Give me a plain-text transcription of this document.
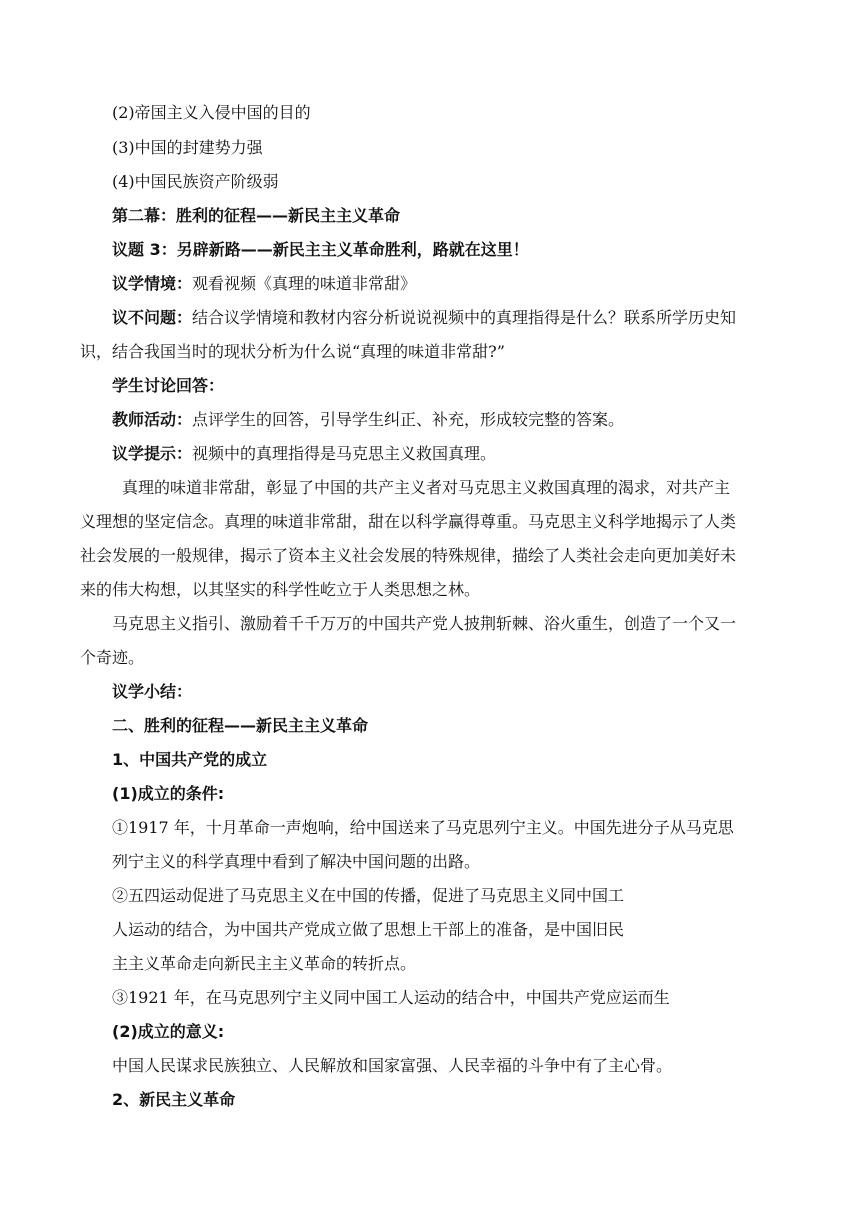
(2)帝国主义入侵中国的目的

(3)中国的封建势力强

(4)中国民族资产阶级弱

第二幕：胜利的征程——新民主主义革命

议题 3：另辟新路——新民主主义革命胜利，路就在这里！

议学情境：观看视频《真理的味道非常甜》

议不问题：结合议学情境和教材内容分析说说视频中的真理指得是什么？联系所学历史知

识，结合我国当时的现状分析为什么说“真理的味道非常甜?”

学生讨论回答：

教师活动：点评学生的回答，引导学生纠正、补充，形成较完整的答案。

议学提示：视频中的真理指得是马克思主义救国真理。

真理的味道非常甜，彰显了中国的共产主义者对马克思主义救国真理的渴求，对共产主

义理想的坚定信念。真理的味道非常甜，甜在以科学赢得尊重。马克思主义科学地揭示了人类

社会发展的一般规律，揭示了资本主义社会发展的特殊规律，描绘了人类社会走向更加美好未

来的伟大构想，以其坚实的科学性屹立于人类思想之林。

马克思主义指引、激励着千千万万的中国共产党人披荆斩棘、浴火重生，创造了一个又一

个奇迹。

议学小结：

二、胜利的征程——新民主主义革命

1、中国共产党的成立

(1)成立的条件:

①1917 年，十月革命一声炮响，给中国送来了马克思列宁主义。中国先进分子从马克思

列宁主义的科学真理中看到了解决中国问题的出路。

②五四运动促进了马克思主义在中国的传播，促进了马克思主义同中国工

人运动的结合，为中国共产党成立做了思想上干部上的准备，是中国旧民

主主义革命走向新民主主义革命的转折点。

③1921 年，在马克思列宁主义同中国工人运动的结合中，中国共产党应运而生

(2)成立的意义:

中国人民谋求民族独立、人民解放和国家富强、人民幸福的斗争中有了主心骨。

2、新民主义革命
